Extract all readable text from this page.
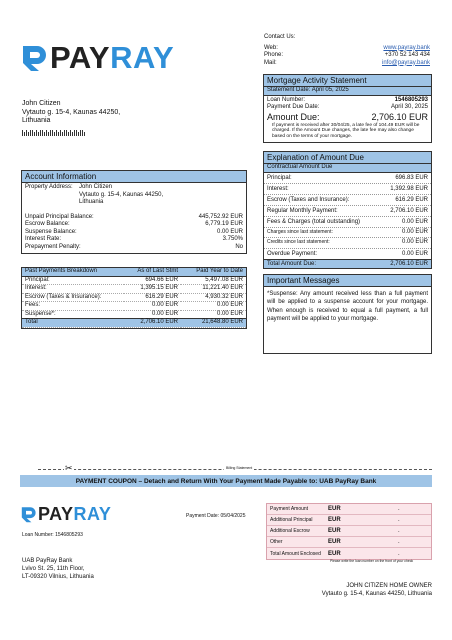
PAY RAY
Contact Us:
Web:	www.payray.bank
Phone:	+370 52 143 434
Mail:	info@payray.bank
John Citizen
Vytauto g. 15-4, Kaunas 44250,
Lithuania
Mortgage Activity Statement
Statement Date: April 05, 2025
Loan Number:	1546805293
Payment Due Date:	April 30, 2025
Amount Due:	2,706.10 EUR
If payment is received after 30/04/25, a late fee of 104.49 EUR will be charged. If the Amount Due changes, the late fee may also change based on the terms of your mortgage.
Account Information
Property Address:	John Citizen
Vytauto g. 15-4, Kaunas 44250,
Lithuania
Unpaid Principal Balance:	445,752.92 EUR
Escrow Balance:	6,779.19 EUR
Suspense Balance:	0.00 EUR
Interest Rate:	3.750%
Prepayment Penalty:	No
Explanation of Amount Due
Contractual Amount Due
Principal:	696.83 EUR
Interest:	1,392.98 EUR
Escrow (Taxes and Insurance):	616.29 EUR
Regular Monthly Payment:	2,706.10 EUR
Fees & Charges (total outstanding)	0.00 EUR
Charges since last statement:	0.00 EUR
Credits since last statement:	0.00 EUR
Overdue Payment:	0.00 EUR
Total Amount Due:	2,706.10 EUR
Past Payments Breakdown	As of Last Stmt	Paid Year to Date
Principal:	694.66 EUR	5,497.08 EUR
Interest:	1,395.15 EUR	11,221.40 EUR
Escrow (Taxes & Insurance):	616.29 EUR	4,930.32 EUR
Fees:	0.00 EUR	0.00 EUR
Suspense*:	0.00 EUR	0.00 EUR
Total	2,706.10 EUR	21,648.80 EUR
Important Messages
*Suspense: Any amount received less than a full payment will be applied to a suspense account for your mortgage. When enough is received to equal a full payment, a full payment will be applied to your mortgage.
✂	Billing Statement
PAYMENT COUPON – Detach and Return With Your Payment Made Payable to: UAB PayRay Bank
PAY RAY	Payment Date: 05/04/2025
Loan Number: 1546805293
UAB PayRay Bank
Lvivo St. 25, 11th Floor,
LT-09320 Vilnius, Lithuania
Payment Amount	EUR	.
Additional Principal	EUR	.
Additional Escrow	EUR	.
Other	EUR	.
Total Amount Enclosed	EUR	.
Please write the loan number on the front of your check
JOHN CITIZEN HOME OWNER
Vytauto g. 15-4, Kaunas 44250, Lithuania
